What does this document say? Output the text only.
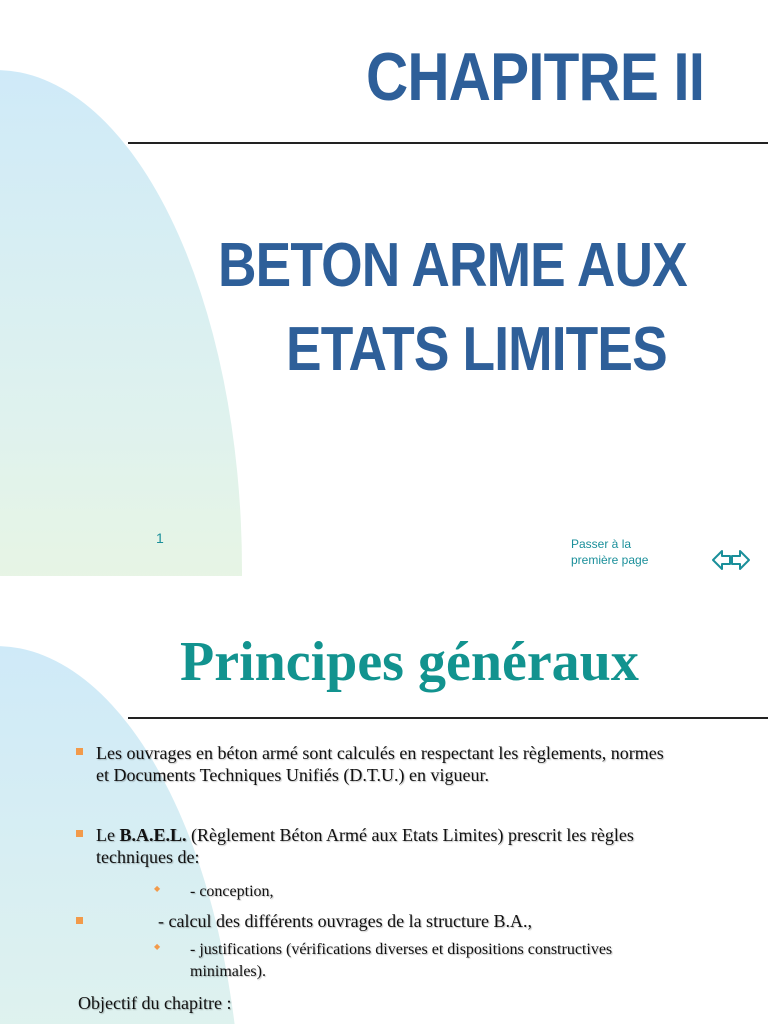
CHAPITRE II
BETON ARME AUX
ETATS LIMITES
1	Passer à la
première page
Principes généraux
Les ouvrages en béton armé sont calculés en respectant les règlements, normes et Documents Techniques Unifiés (D.T.U.) en vigueur.
Le B.A.E.L. (Règlement Béton Armé aux Etats Limites) prescrit les règles techniques de:
◆ - conception,
- calcul des différents ouvrages de la structure B.A.,
◆ - justifications (vérifications diverses et dispositions constructives minimales).
Objectif du chapitre :
